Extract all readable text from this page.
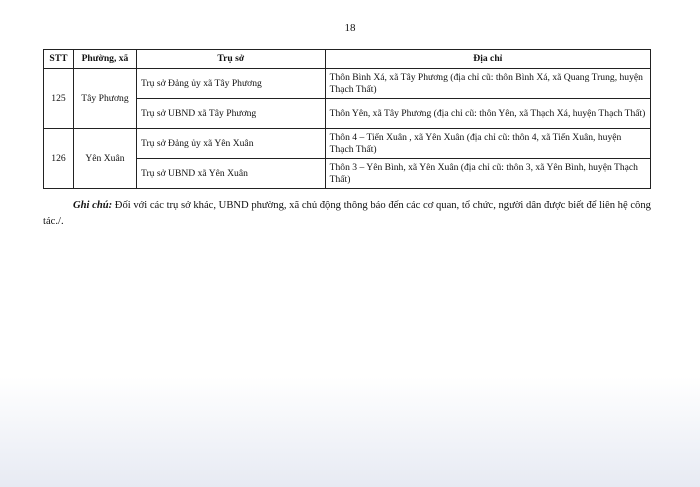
18
STT	Phường, xã	Trụ sở	Địa chỉ
125	Tây Phương	Trụ sở Đảng ủy xã Tây Phương	Thôn Bình Xá, xã Tây Phương (địa chỉ cũ: thôn Bình Xá, xã Quang Trung, huyện Thạch Thất)
		Trụ sở UBND xã Tây Phương	Thôn Yên, xã Tây Phương (địa chỉ cũ: thôn Yên, xã Thạch Xá, huyện Thạch Thất)
126	Yên Xuân	Trụ sở Đảng ủy xã Yên Xuân	Thôn 4 – Tiến Xuân , xã Yên Xuân (địa chỉ cũ: thôn 4, xã Tiến Xuân, huyện Thạch Thất)
		Trụ sở UBND xã Yên Xuân	Thôn 3 – Yên Bình, xã Yên Xuân (địa chỉ cũ: thôn 3, xã Yên Bình, huyện Thạch Thất)
Ghi chú: Đối với các trụ sở khác, UBND phường, xã chủ động thông báo đến các cơ quan, tổ chức, người dân được biết để liên hệ công tác./.
